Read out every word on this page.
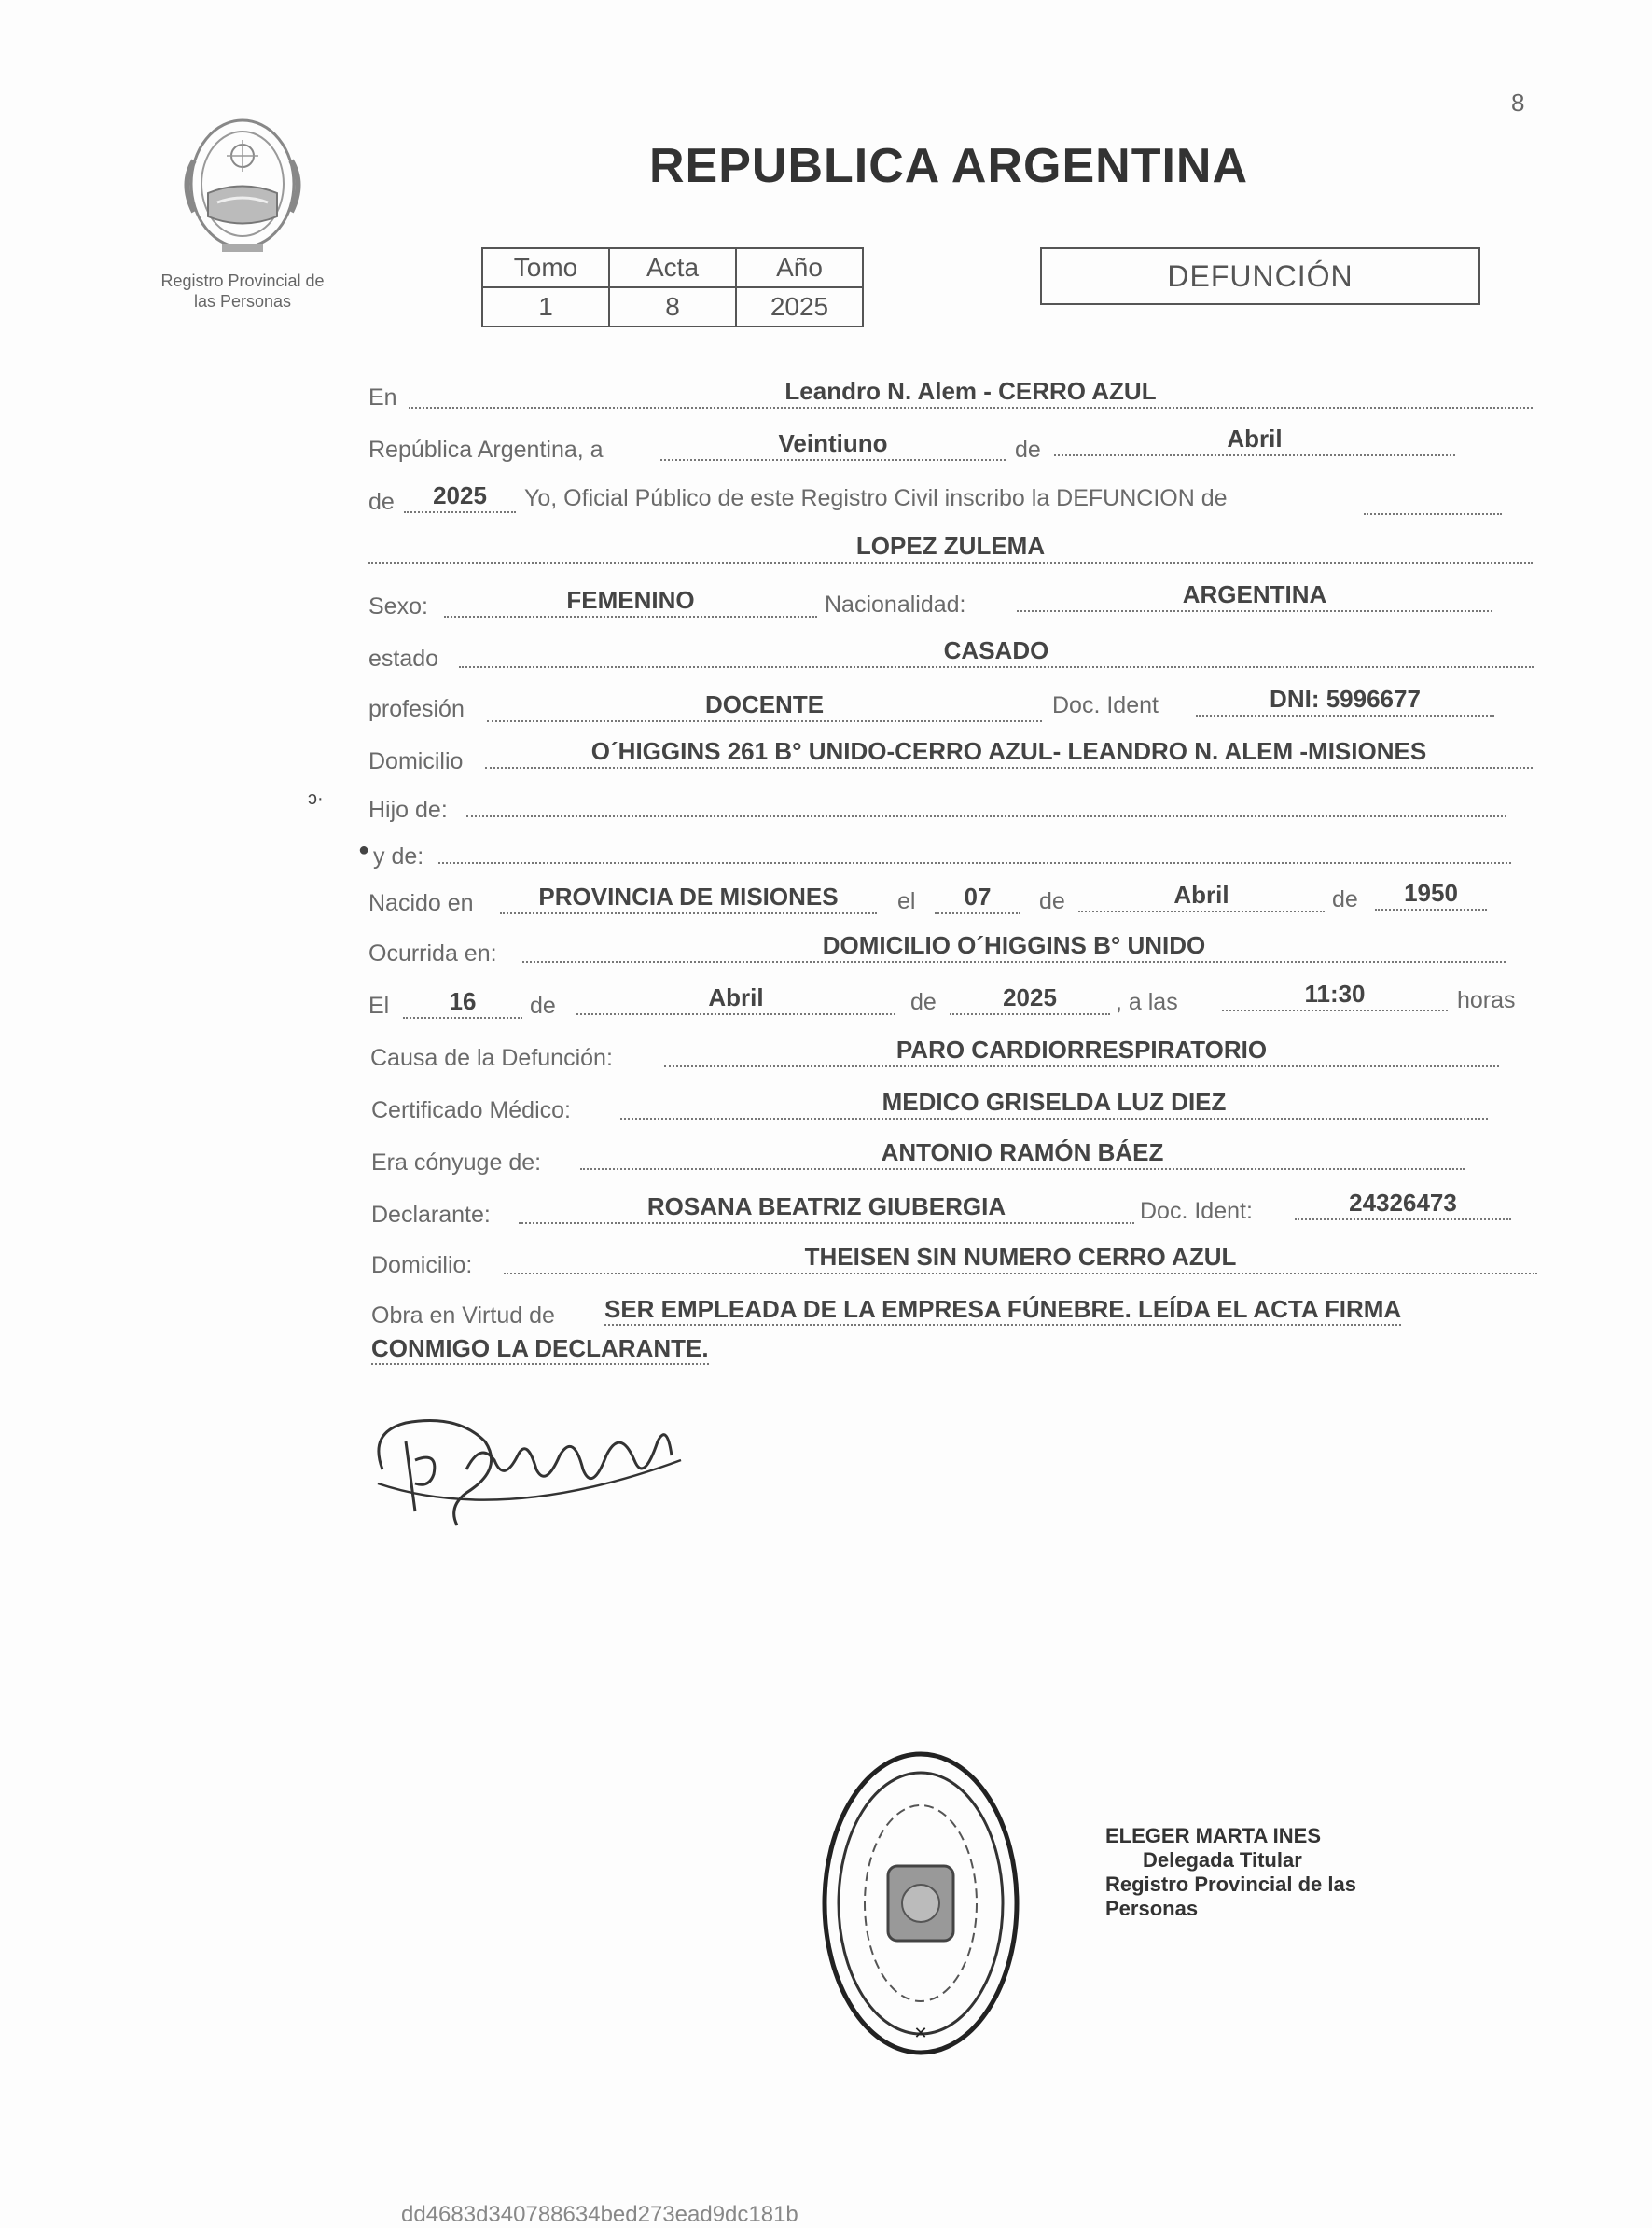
8
Registro Provincial de
las Personas
REPUBLICA ARGENTINA
Tomo	Acta	Año
1	8	2025
DEFUNCIÓN
En	Leandro N. Alem - CERRO AZUL
República Argentina, a	Veintiuno	de	Abril
de	2025	Yo, Oficial Público de este Registro Civil inscribo la DEFUNCION de
LOPEZ ZULEMA
Sexo:	FEMENINO	Nacionalidad:	ARGENTINA
estado	CASADO
profesión	DOCENTE	Doc. Ident	DNI: 5996677
Domicilio	O´HIGGINS 261 B° UNIDO-CERRO AZUL- LEANDRO N. ALEM -MISIONES
ↄ· Hijo de:
● y de:
Nacido en	PROVINCIA DE MISIONES	el	07	de	Abril	de	1950
Ocurrida en:	DOMICILIO O´HIGGINS B° UNIDO
El	16	de	Abril	de	2025	, a las	11:30	horas
Causa de la Defunción:	PARO CARDIORRESPIRATORIO
Certificado Médico:	MEDICO GRISELDA LUZ DIEZ
Era cónyuge de:	ANTONIO RAMÓN BÁEZ
Declarante:	ROSANA BEATRIZ GIUBERGIA	Doc. Ident:	24326473
Domicilio:	THEISEN SIN NUMERO CERRO AZUL
Obra en Virtud de SER EMPLEADA DE LA EMPRESA FÚNEBRE. LEÍDA EL ACTA FIRMA
CONMIGO LA DECLARANTE.
✕
ELEGER MARTA INES
Delegada Titular
Registro Provincial de las Personas
dd4683d340788634bed273ead9dc181b
